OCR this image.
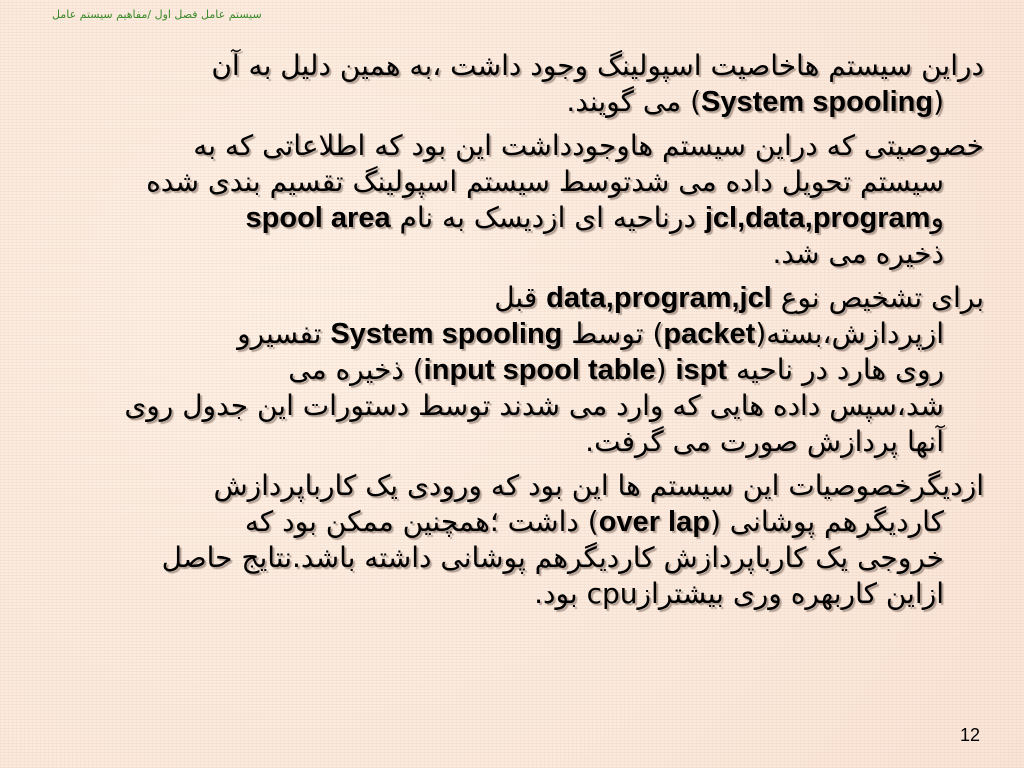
سیستم عامل فصل اول /مفاهیم سیستم عامل

دراین سیستم هاخاصیت اسپولینگ وجود داشت ،به همین دلیل به آن
(System spooling) می گویند.

خصوصیتی که دراین سیستم هاوجودداشت این بود که اطلاعاتی که به
سیستم تحویل داده می شدتوسط سیستم اسپولینگ تقسیم بندی شده
وjcl,data,program درناحیه ای ازدیسک به نام spool area
ذخیره می شد.

برای تشخیص نوع data,program,jcl قبل
ازپردازش،بسته(packet) توسط System spooling تفسیرو
روی هارد در ناحیه ispt (input spool table) ذخیره می
شد،سپس داده هایی که وارد می شدند توسط دستورات این جدول روی
آنها پردازش صورت می گرفت.

ازدیگرخصوصیات این سیستم ها این بود که ورودی یک کارباپردازش
کاردیگرهم پوشانی (over lap) داشت ؛همچنین ممکن بود که
خروجی یک کارباپردازش کاردیگرهم پوشانی داشته باشد.نتایج حاصل
ازاین کاربهره وری بیشترازcpu بود.

12
